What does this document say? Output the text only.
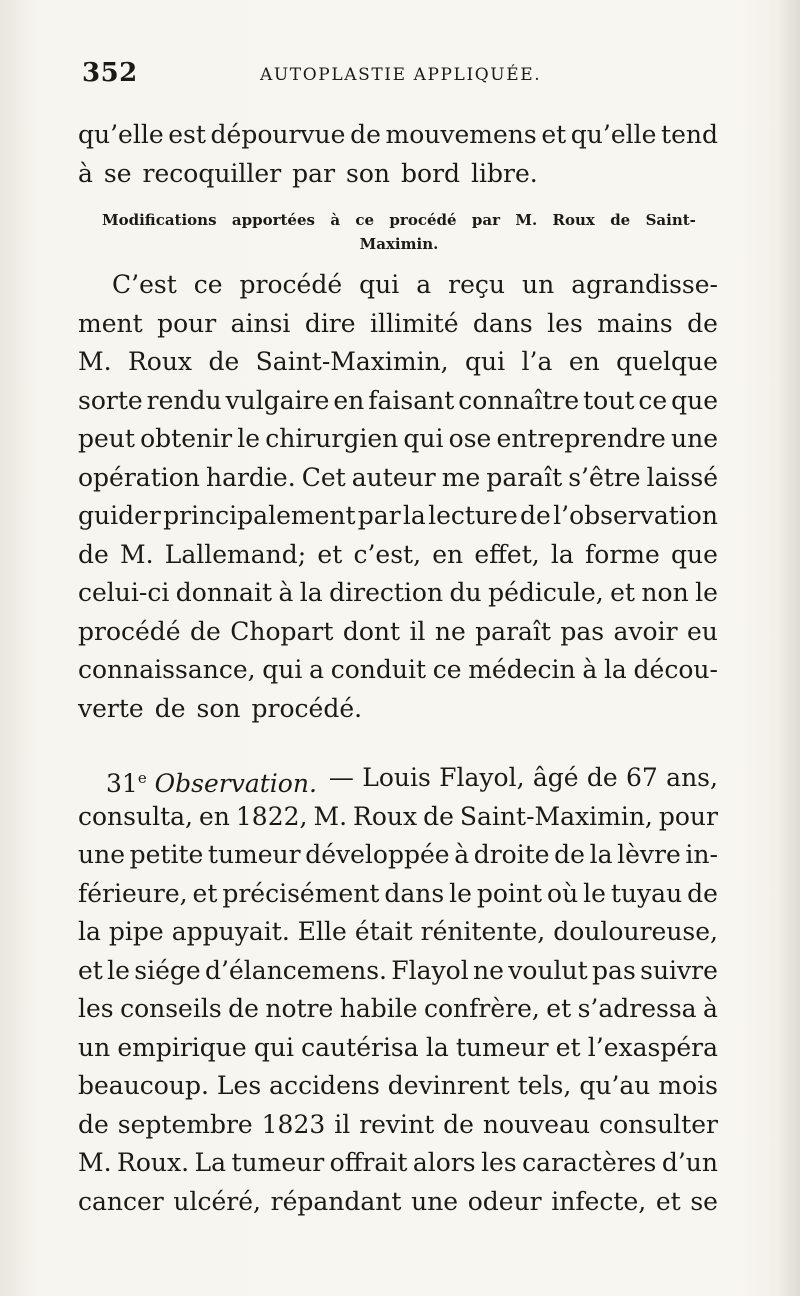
352	AUTOPLASTIE APPLIQUÉE.
qu’elle est dépourvue de mouvemens et qu’elle tend
à se recoquiller par son bord libre.
Modifications apportées à ce procédé par M. Roux de Saint-
Maximin.
C’est ce procédé qui a reçu un agrandisse-
ment pour ainsi dire illimité dans les mains de
M. Roux de Saint-Maximin, qui l’a en quelque
sorte rendu vulgaire en faisant connaître tout ce que
peut obtenir le chirurgien qui ose entreprendre une
opération hardie. Cet auteur me paraît s’être laissé
guider principalement par la lecture de l’observation
de M. Lallemand; et c’est, en effet, la forme que
celui-ci donnait à la direction du pédicule, et non le
procédé de Chopart dont il ne paraît pas avoir eu
connaissance, qui a conduit ce médecin à la décou-
verte de son procédé.
31e Observation. — Louis Flayol, âgé de 67 ans,
consulta, en 1822, M. Roux de Saint-Maximin, pour
une petite tumeur développée à droite de la lèvre in-
férieure, et précisément dans le point où le tuyau de
la pipe appuyait. Elle était rénitente, douloureuse,
et le siége d’élancemens. Flayol ne voulut pas suivre
les conseils de notre habile confrère, et s’adressa à
un empirique qui cautérisa la tumeur et l’exaspéra
beaucoup. Les accidens devinrent tels, qu’au mois
de septembre 1823 il revint de nouveau consulter
M. Roux. La tumeur offrait alors les caractères d’un
cancer ulcéré, répandant une odeur infecte, et se
